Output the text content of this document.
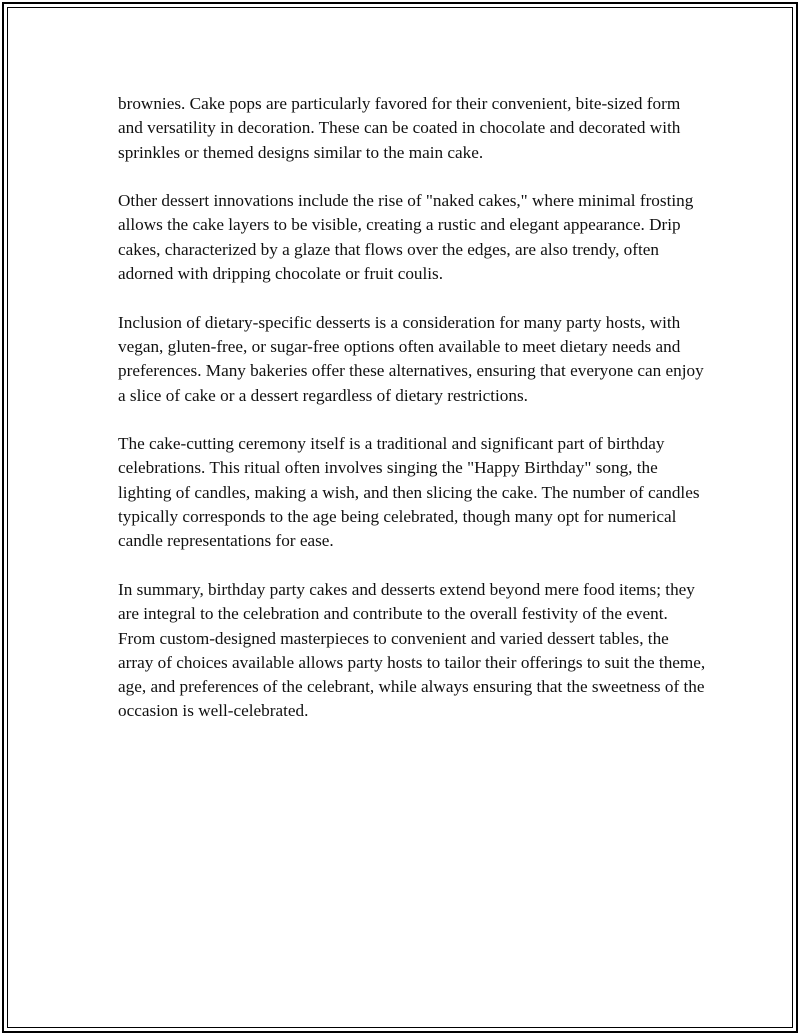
brownies. Cake pops are particularly favored for their convenient, bite-sized form and versatility in decoration. These can be coated in chocolate and decorated with sprinkles or themed designs similar to the main cake.

Other dessert innovations include the rise of "naked cakes," where minimal frosting allows the cake layers to be visible, creating a rustic and elegant appearance. Drip cakes, characterized by a glaze that flows over the edges, are also trendy, often adorned with dripping chocolate or fruit coulis.

Inclusion of dietary-specific desserts is a consideration for many party hosts, with vegan, gluten-free, or sugar-free options often available to meet dietary needs and preferences. Many bakeries offer these alternatives, ensuring that everyone can enjoy a slice of cake or a dessert regardless of dietary restrictions.

The cake-cutting ceremony itself is a traditional and significant part of birthday celebrations. This ritual often involves singing the "Happy Birthday" song, the lighting of candles, making a wish, and then slicing the cake. The number of candles typically corresponds to the age being celebrated, though many opt for numerical candle representations for ease.

In summary, birthday party cakes and desserts extend beyond mere food items; they are integral to the celebration and contribute to the overall festivity of the event. From custom-designed masterpieces to convenient and varied dessert tables, the array of choices available allows party hosts to tailor their offerings to suit the theme, age, and preferences of the celebrant, while always ensuring that the sweetness of the occasion is well-celebrated.
